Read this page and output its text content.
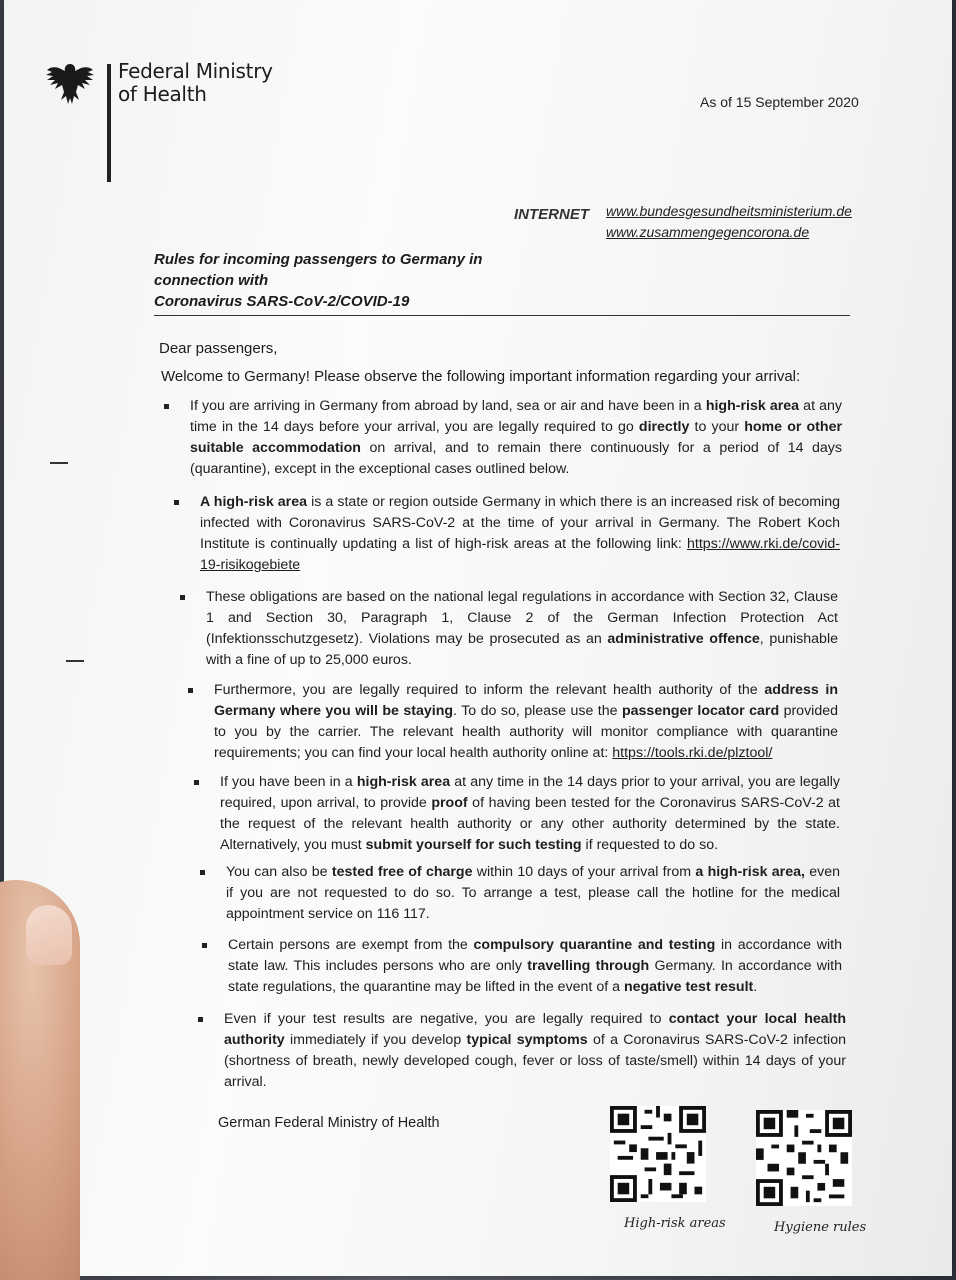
Federal Ministry
of Health	As of 15 September 2020
INTERNET www.bundesgesundheitsministerium.de
www.zusammengegencorona.de
Rules for incoming passengers to Germany in
connection with
Coronavirus SARS-CoV-2/COVID-19
Dear passengers,
Welcome to Germany! Please observe the following important information regarding your arrival:
If you are arriving in Germany from abroad by land, sea or air and have been in a high-risk area at any time in the 14 days before your arrival, you are legally required to go directly to your home or other suitable accommodation on arrival, and to remain there continuously for a period of 14 days (quarantine), except in the exceptional cases outlined below.
A high-risk area is a state or region outside Germany in which there is an increased risk of becoming infected with Coronavirus SARS-CoV-2 at the time of your arrival in Germany. The Robert Koch Institute is continually updating a list of high-risk areas at the following link: https://www.rki.de/covid-19-risikogebiete
These obligations are based on the national legal regulations in accordance with Section 32, Clause 1 and Section 30, Paragraph 1, Clause 2 of the German Infection Protection Act (Infektionsschutzgesetz). Violations may be prosecuted as an administrative offence, punishable with a fine of up to 25,000 euros.
Furthermore, you are legally required to inform the relevant health authority of the address in Germany where you will be staying. To do so, please use the passenger locator card provided to you by the carrier. The relevant health authority will monitor compliance with quarantine requirements; you can find your local health authority online at: https://tools.rki.de/plztool/
If you have been in a high-risk area at any time in the 14 days prior to your arrival, you are legally required, upon arrival, to provide proof of having been tested for the Coronavirus SARS-CoV-2 at the request of the relevant health authority or any other authority determined by the state. Alternatively, you must submit yourself for such testing if requested to do so.
You can also be tested free of charge within 10 days of your arrival from a high-risk area, even if you are not requested to do so. To arrange a test, please call the hotline for the medical appointment service on 116 117.
Certain persons are exempt from the compulsory quarantine and testing in accordance with state law. This includes persons who are only travelling through Germany. In accordance with state regulations, the quarantine may be lifted in the event of a negative test result.
Even if your test results are negative, you are legally required to contact your local health authority immediately if you develop typical symptoms of a Coronavirus SARS-CoV-2 infection (shortness of breath, newly developed cough, fever or loss of taste/smell) within 14 days of your arrival.
German Federal Ministry of Health
High-risk areas	Hygiene rules
